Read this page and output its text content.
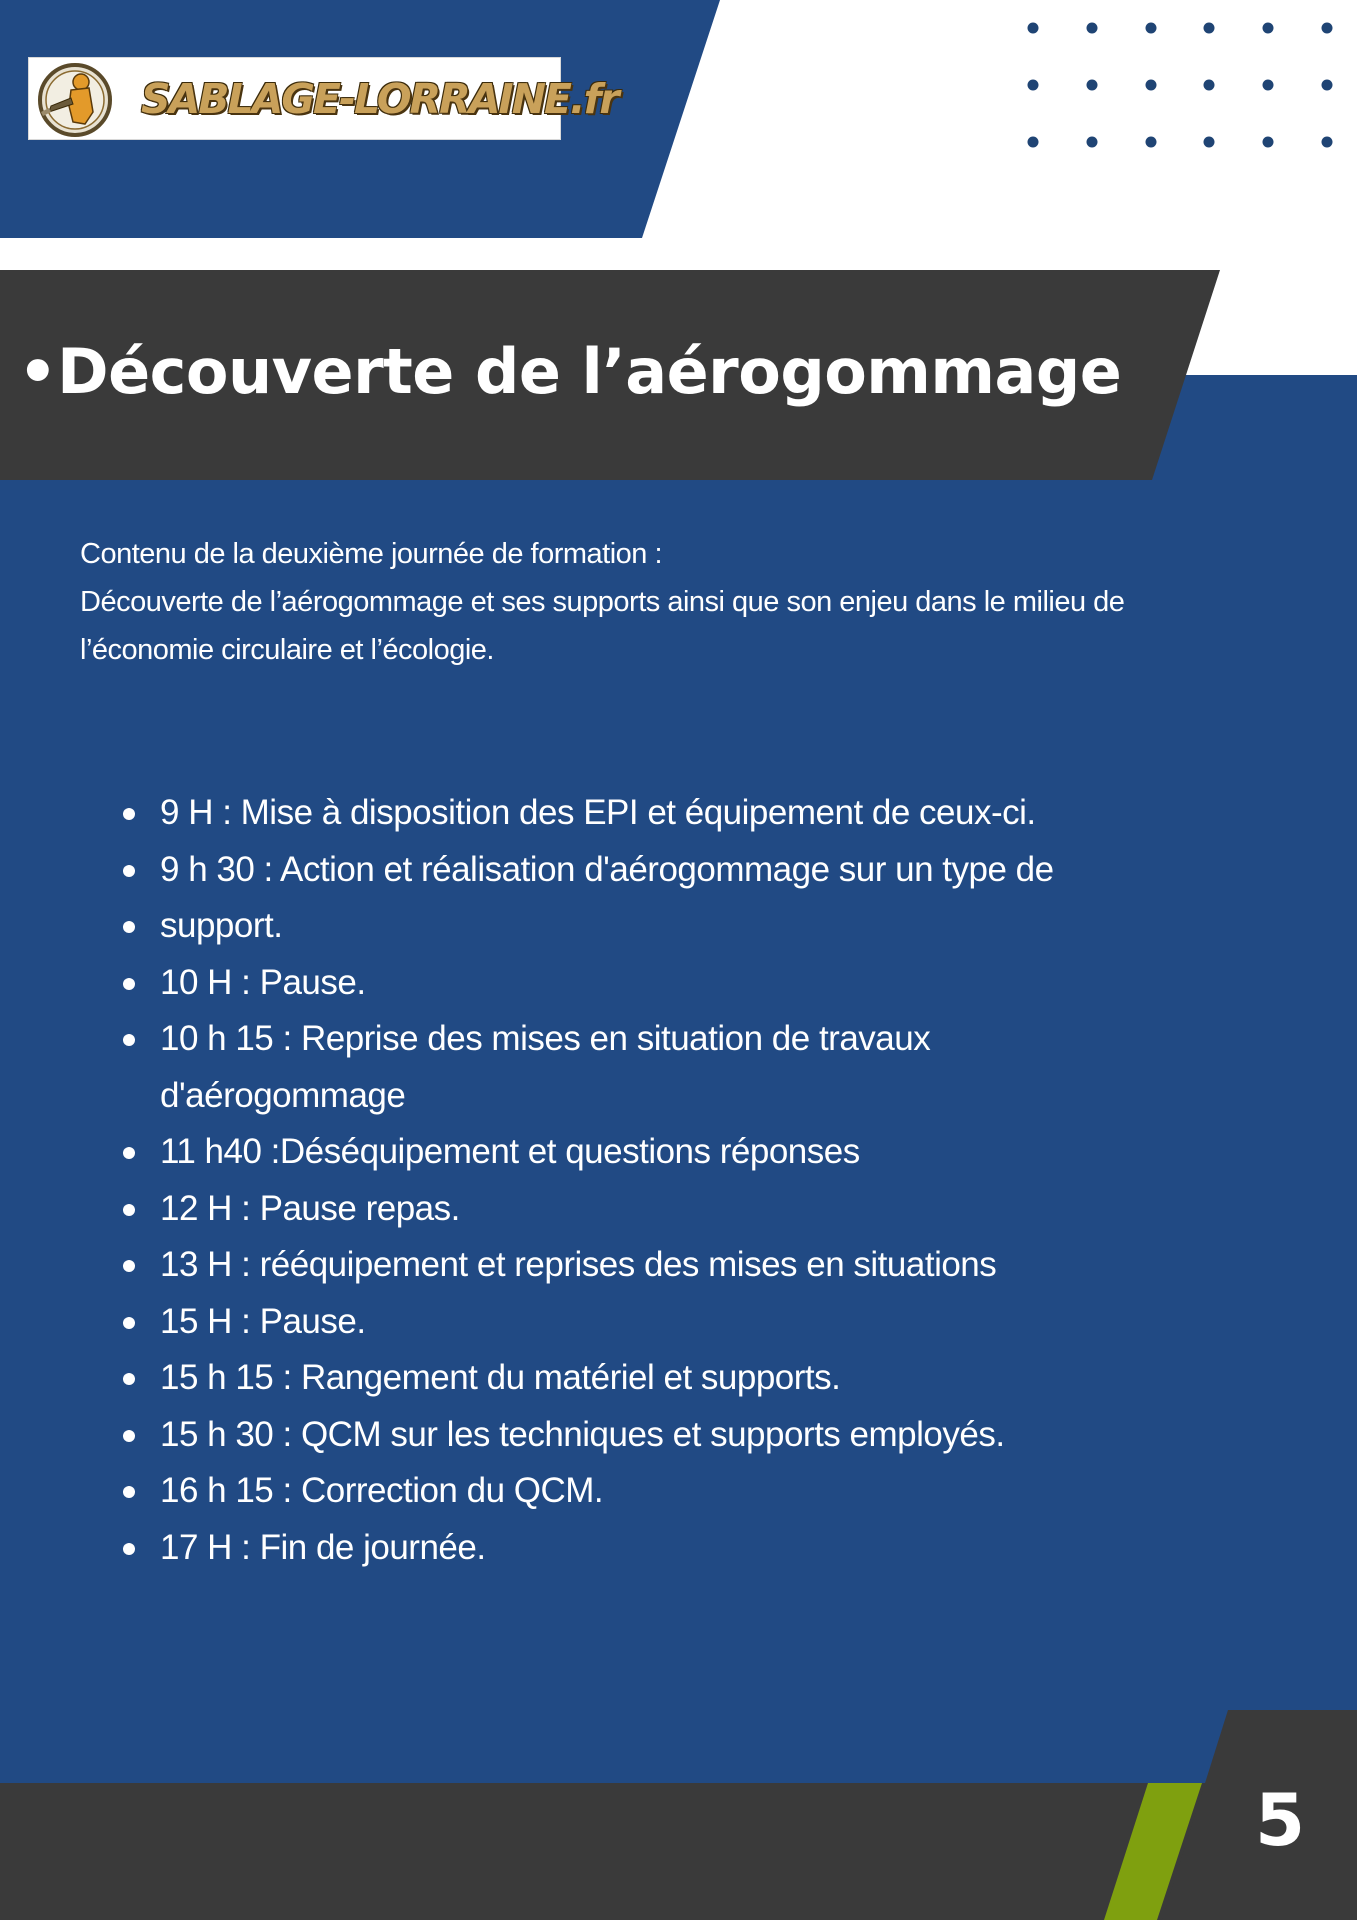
SABLAGE-LORRAINE.fr
•Découverte de l’aérogommage
Contenu de la deuxième journée de formation :
Découverte de l’aérogommage et ses supports ainsi que son enjeu dans le milieu de
l’économie circulaire et l’écologie.
9 H : Mise à disposition des EPI et équipement de ceux-ci.
9 h 30 : Action et réalisation d'aérogommage sur un type de
support.
10 H : Pause.
10 h 15 : Reprise des mises en situation de travaux
d'aérogommage
11 h40 :Déséquipement et questions réponses
12 H : Pause repas.
13 H : rééquipement et reprises des mises en situations
15 H : Pause.
15 h 15 : Rangement du matériel et supports.
15 h 30 : QCM sur les techniques et supports employés.
16 h 15 : Correction du QCM.
17 H : Fin de journée.
5
